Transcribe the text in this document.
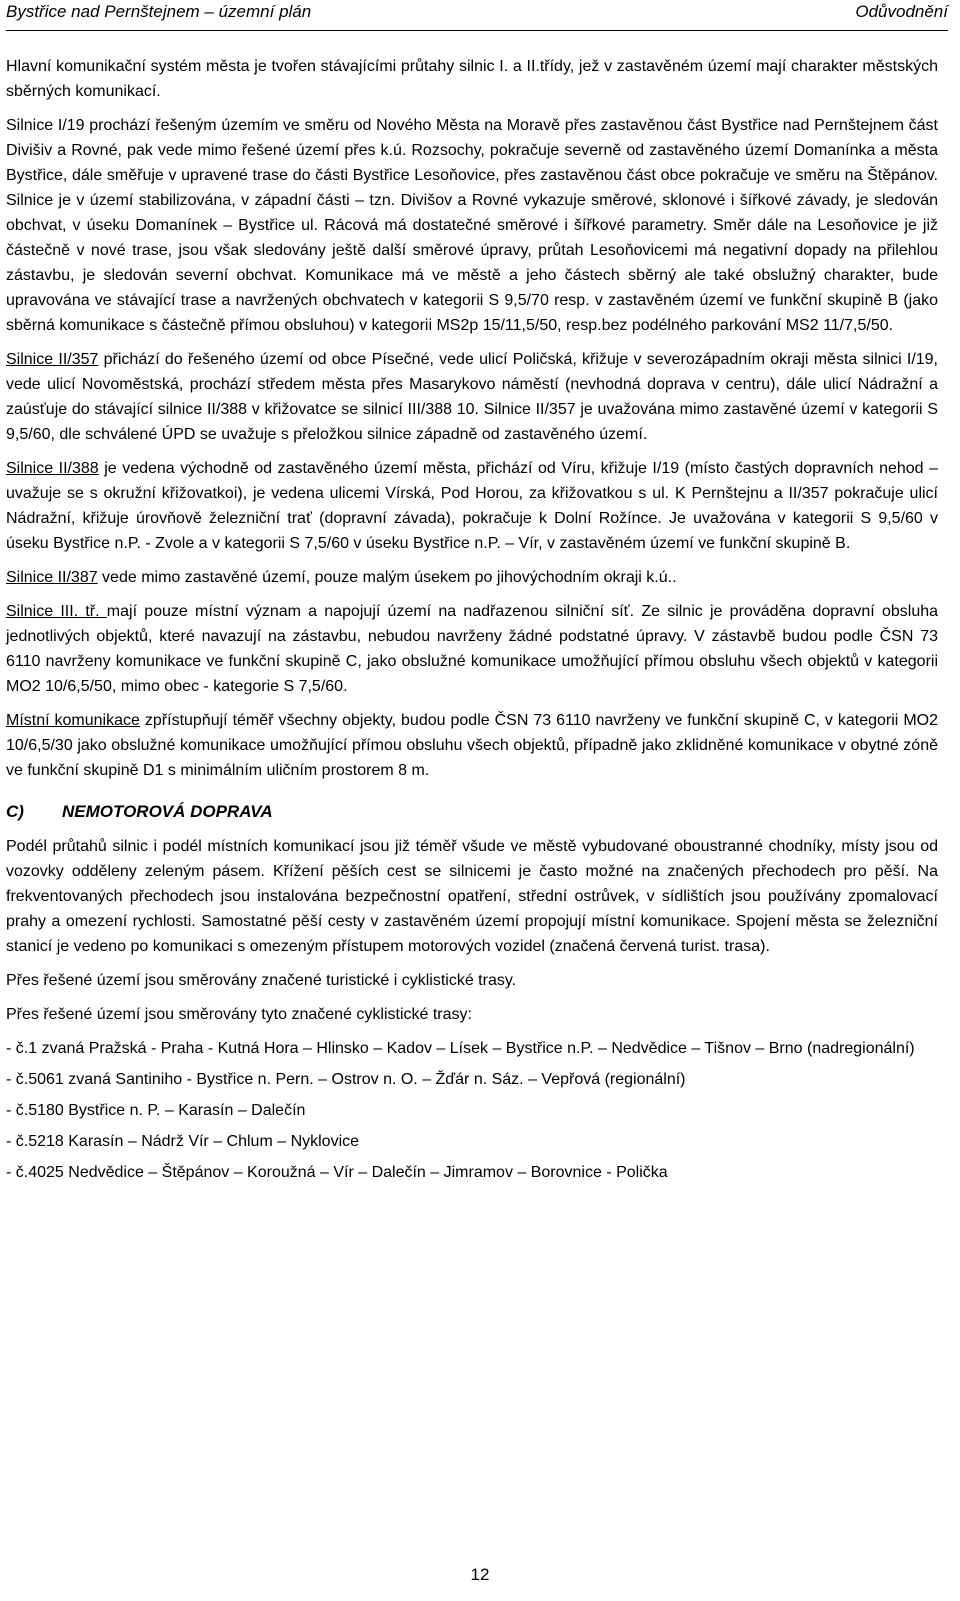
Bystřice nad Pernštejnem – územní plán	Odůvodnění

Hlavní komunikační systém města je tvořen stávajícími průtahy silnic I. a II.třídy, jež v zastavěném území mají charakter městských sběrných komunikací.

Silnice I/19 prochází řešeným územím ve směru od Nového Města na Moravě přes zastavěnou část Bystřice nad Pernštejnem část Divišiv a Rovné, pak vede mimo řešené území přes k.ú. Rozsochy, pokračuje severně od zastavěného území Domanínka a města Bystřice, dále směřuje v upravené trase do části Bystřice Lesoňovice, přes zastavěnou část obce pokračuje ve směru na Štěpánov. Silnice je v území stabilizována, v západní části – tzn. Divišov a Rovné vykazuje směrové, sklonové i šířkové závady, je sledován obchvat, v úseku Domanínek – Bystřice ul. Rácová má dostatečné směrové i šířkové parametry. Směr dále na Lesoňovice je již částečně v nové trase, jsou však sledovány ještě další směrové úpravy, průtah Lesoňovicemi má negativní dopady na přilehlou zástavbu, je sledován severní obchvat. Komunikace má ve městě a jeho částech sběrný ale také obslužný charakter, bude upravována ve stávající trase a navržených obchvatech v kategorii S 9,5/70 resp. v zastavěném území ve funkční skupině B (jako sběrná komunikace s částečně přímou obsluhou) v kategorii MS2p 15/11,5/50, resp.bez podélného parkování MS2 11/7,5/50.

Silnice II/357 přichází do řešeného území od obce Písečné, vede ulicí Poličská, křižuje v severozápadním okraji města silnici I/19, vede ulicí Novoměstská, prochází středem města přes Masarykovo náměstí (nevhodná doprava v centru), dále ulicí Nádražní a zaúsťuje do stávající silnice II/388 v křižovatce se silnicí III/388 10. Silnice II/357 je uvažována mimo zastavěné území v kategorii S 9,5/60, dle schválené ÚPD se uvažuje s přeložkou silnice západně od zastavěného území.

Silnice II/388 je vedena východně od zastavěného území města, přichází od Víru, křižuje I/19 (místo častých dopravních nehod – uvažuje se s okružní křižovatkoi), je vedena ulicemi Vírská, Pod Horou, za křižovatkou s ul. K Pernštejnu a II/357 pokračuje ulicí Nádražní, křižuje úrovňově železniční trať (dopravní závada), pokračuje k Dolní Rožínce. Je uvažována v kategorii S 9,5/60 v úseku Bystřice n.P. - Zvole a v kategorii S 7,5/60 v úseku Bystřice n.P. – Vír, v zastavěném území ve funkční skupině B.

Silnice II/387 vede mimo zastavěné území, pouze malým úsekem po jihovýchodním okraji k.ú..

Silnice III. tř. mají pouze místní význam a napojují území na nadřazenou silniční síť. Ze silnic je prováděna dopravní obsluha jednotlivých objektů, které navazují na zástavbu, nebudou navrženy žádné podstatné úpravy. V zástavbě budou podle ČSN 73 6110 navrženy komunikace ve funkční skupině C, jako obslužné komunikace umožňující přímou obsluhu všech objektů v kategorii MO2 10/6,5/50, mimo obec - kategorie S 7,5/60.

Místní komunikace zpřístupňují téměř všechny objekty, budou podle ČSN 73 6110 navrženy ve funkční skupině C, v kategorii MO2 10/6,5/30 jako obslužné komunikace umožňující přímou obsluhu všech objektů, případně jako zklidněné komunikace v obytné zóně ve funkční skupině D1 s minimálním uličním prostorem 8 m.

C) NEMOTOROVÁ DOPRAVA

Podél průtahů silnic i podél místních komunikací jsou již téměř všude ve městě vybudované oboustranné chodníky, místy jsou od vozovky odděleny zeleným pásem. Křížení pěších cest se silnicemi je často možné na značených přechodech pro pěší. Na frekventovaných přechodech jsou instalována bezpečnostní opatření, střední ostrůvek, v sídlištích jsou používány zpomalovací prahy a omezení rychlosti. Samostatné pěší cesty v zastavěném území propojují místní komunikace. Spojení města se železniční stanicí je vedeno po komunikaci s omezeným přístupem motorových vozidel (značená červená turist. trasa).

Přes řešené území jsou směrovány značené turistické i cyklistické trasy.

Přes řešené území jsou směrovány tyto značené cyklistické trasy:

- č.1 zvaná Pražská - Praha - Kutná Hora – Hlinsko – Kadov – Lísek – Bystřice n.P. – Nedvědice – Tišnov – Brno (nadregionální)
- č.5061 zvaná Santiniho - Bystřice n. Pern. – Ostrov n. O. – Žďár n. Sáz. – Vepřová (regionální)
- č.5180 Bystřice n. P. – Karasín – Dalečín
- č.5218 Karasín – Nádrž Vír – Chlum – Nyklovice
- č.4025 Nedvědice – Štěpánov – Koroužná – Vír – Dalečín – Jimramov – Borovnice - Polička
12
